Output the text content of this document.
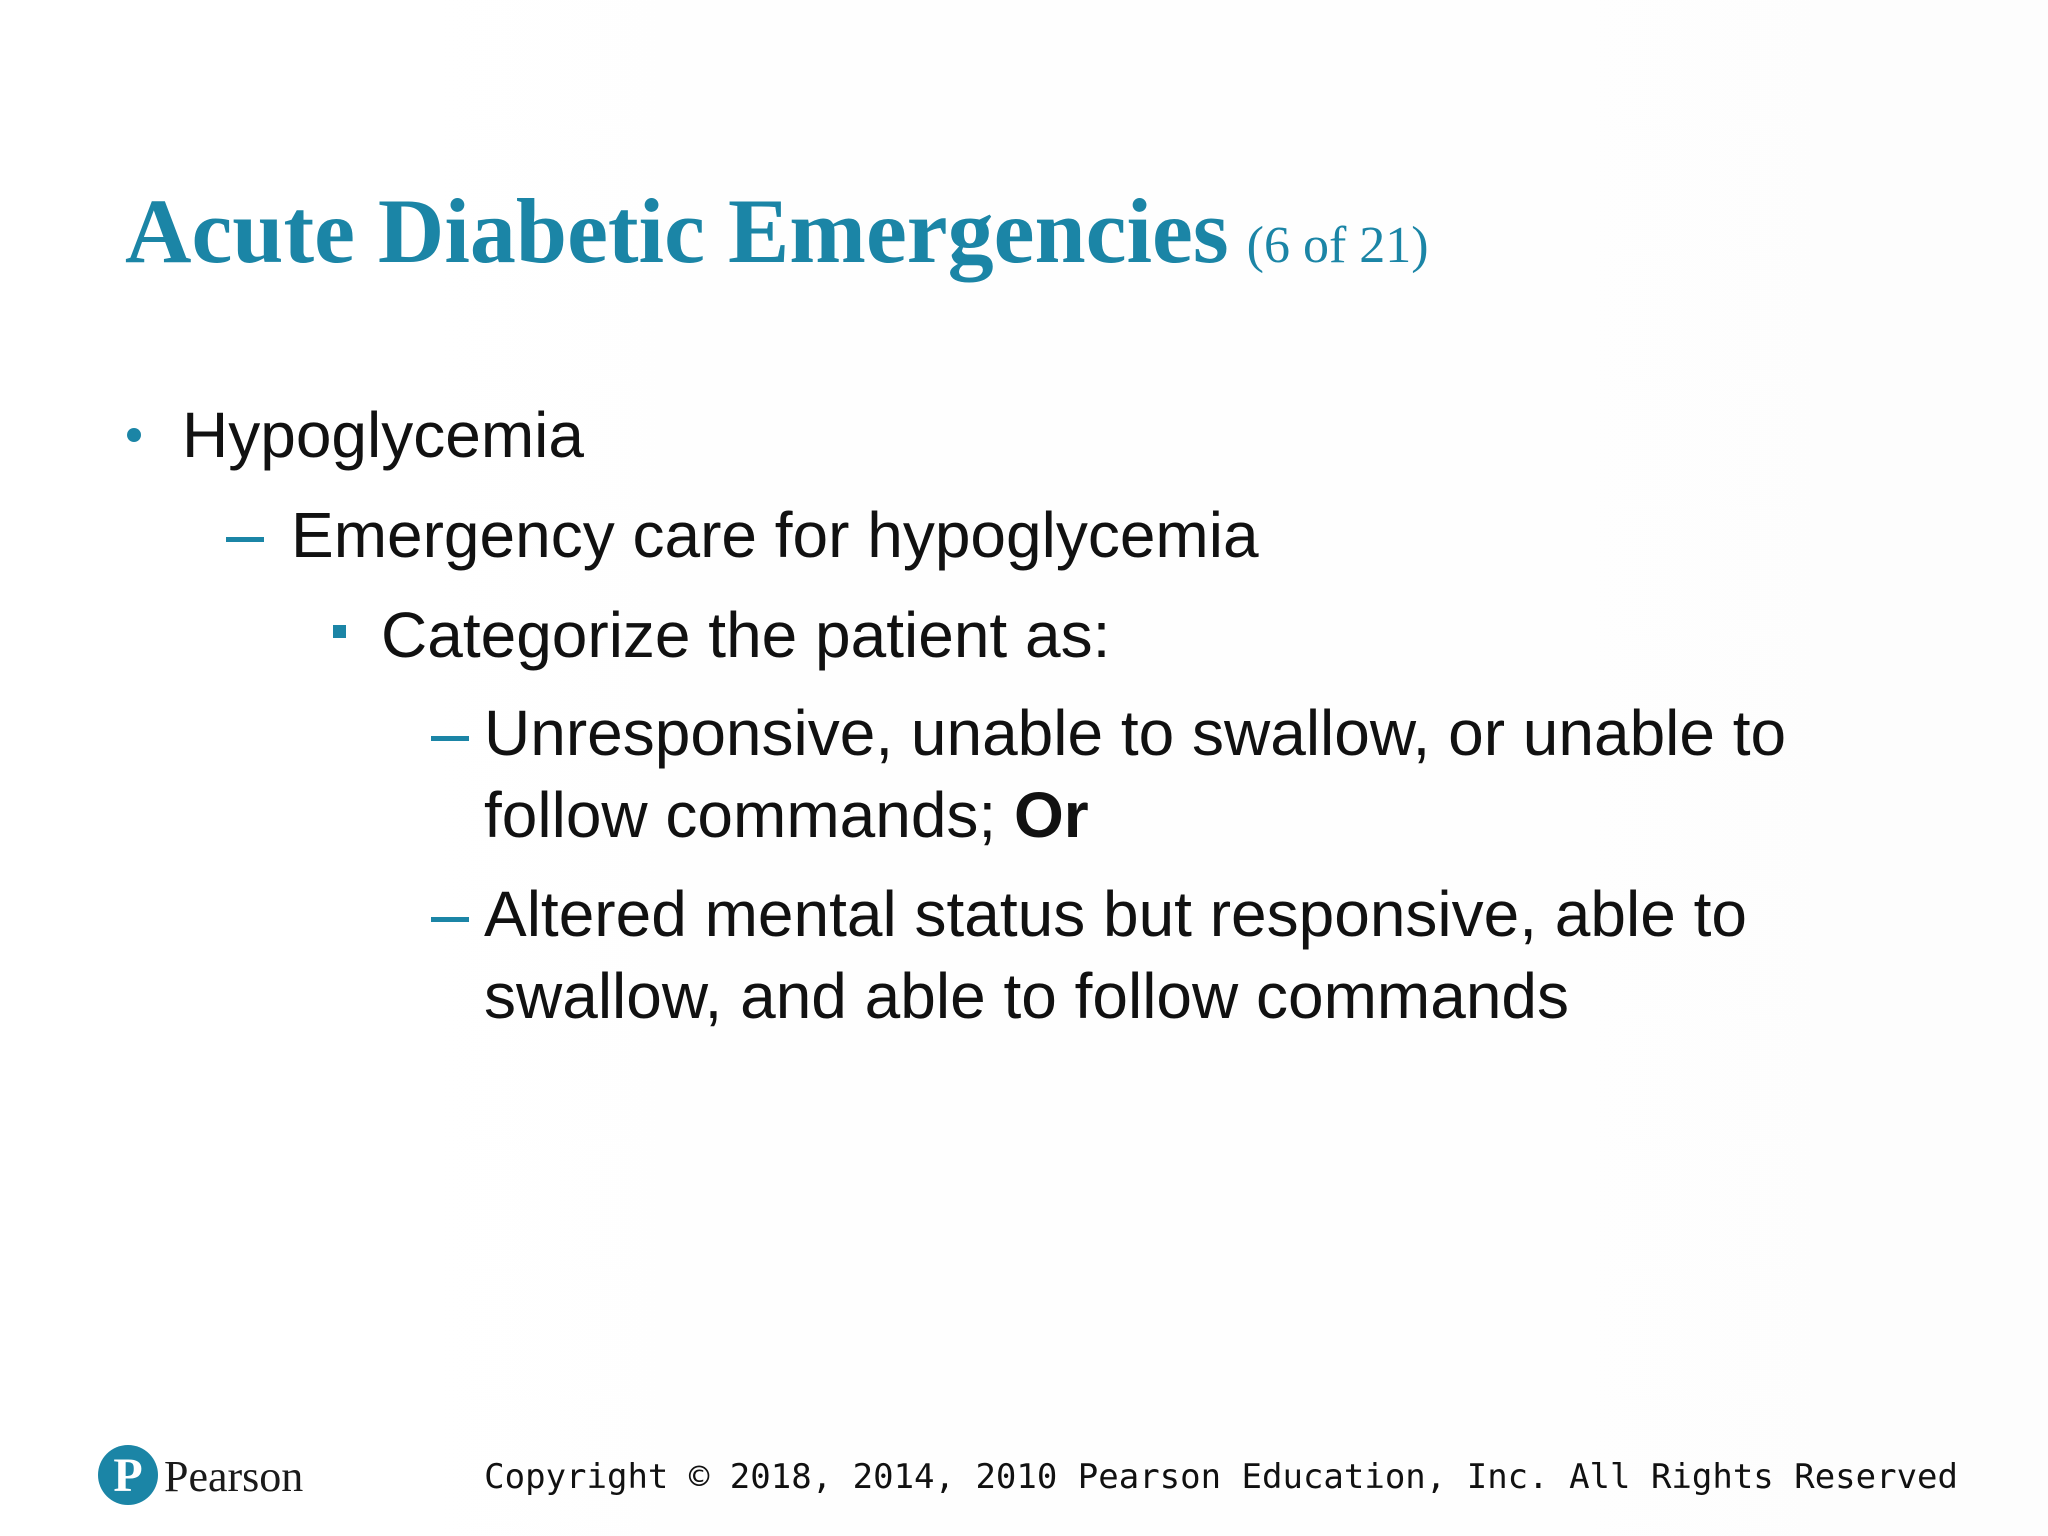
Acute Diabetic Emergencies (6 of 21)
Hypoglycemia
Emergency care for hypoglycemia
Categorize the patient as:
Unresponsive, unable to swallow, or unable to follow commands; Or
Altered mental status but responsive, able to swallow, and able to follow commands
P Pearson	Copyright © 2018, 2014, 2010 Pearson Education, Inc. All Rights Reserved
